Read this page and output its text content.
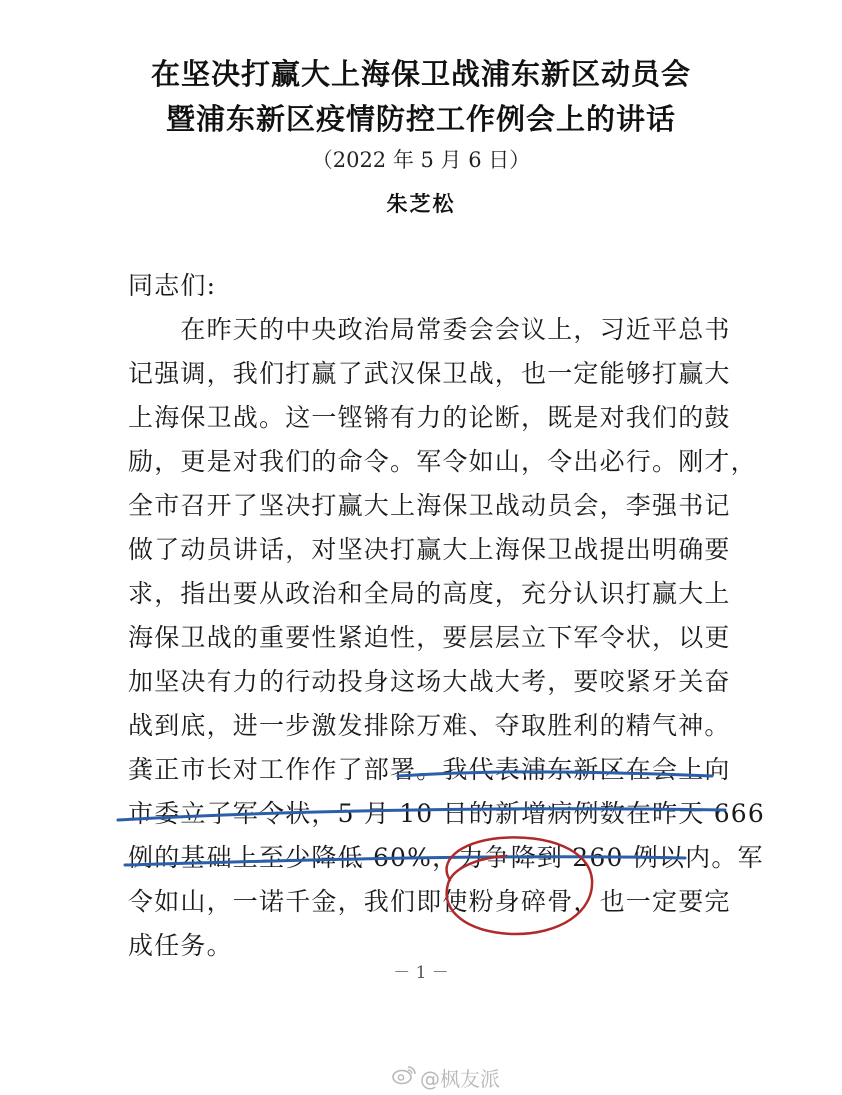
在坚决打赢大上海保卫战浦东新区动员会
暨浦东新区疫情防控工作例会上的讲话
（2022 年 5 月 6 日）
朱芝松
同志们:
　　在昨天的中央政治局常委会会议上，习近平总书
记强调，我们打赢了武汉保卫战，也一定能够打赢大
上海保卫战。这一铿锵有力的论断，既是对我们的鼓
励，更是对我们的命令。军令如山，令出必行。刚才，
全市召开了坚决打赢大上海保卫战动员会，李强书记
做了动员讲话，对坚决打赢大上海保卫战提出明确要
求，指出要从政治和全局的高度，充分认识打赢大上
海保卫战的重要性紧迫性，要层层立下军令状，以更
加坚决有力的行动投身这场大战大考，要咬紧牙关奋
战到底，进一步激发排除万难、夺取胜利的精气神。
龚正市长对工作作了部署。我代表浦东新区在会上向
市委立了军令状，5 月 10 日的新增病例数在昨天 666
例的基础上至少降低 60%，力争降到 260 例以内。军
令如山，一诺千金，我们即使粉身碎骨，也一定要完
成任务。
－ 1 －
@枫友派
